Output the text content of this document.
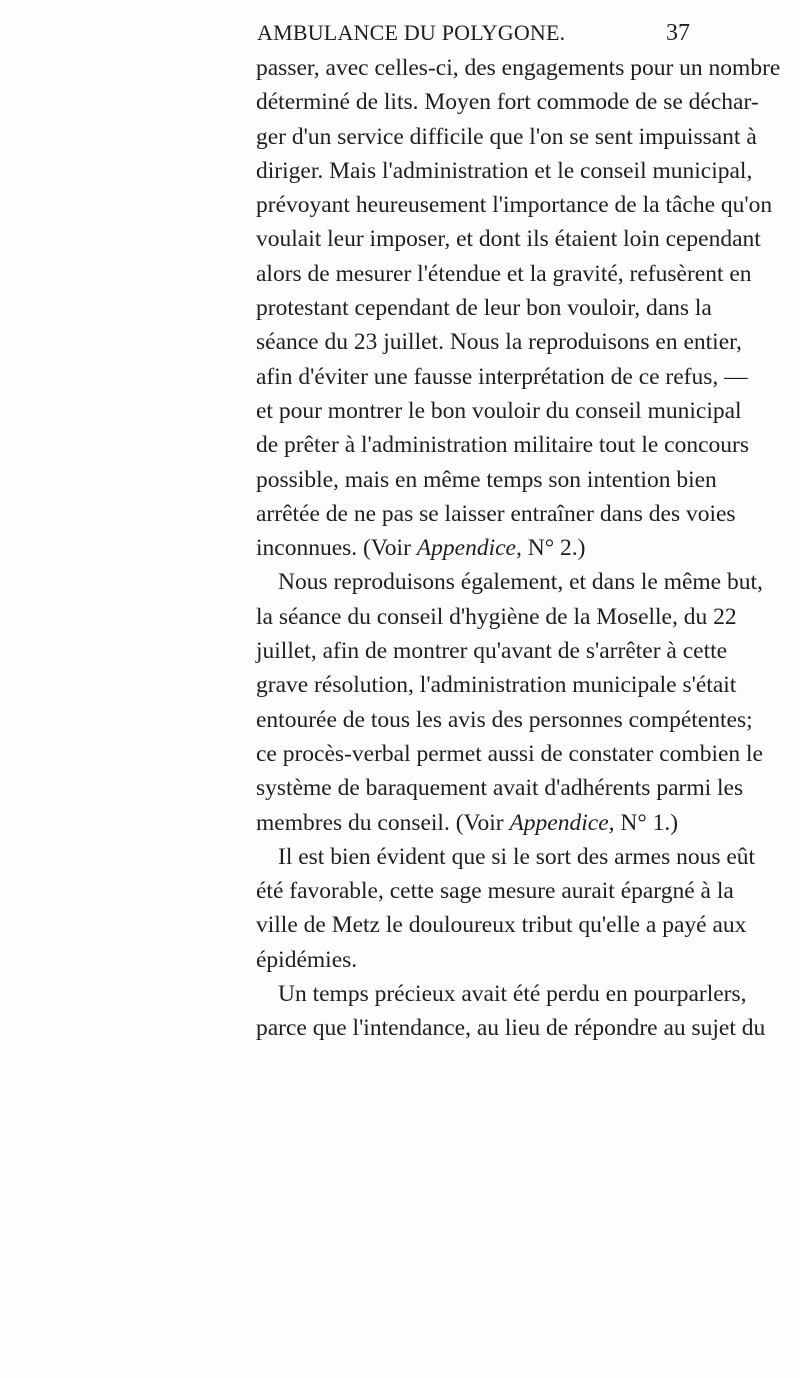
AMBULANCE DU POLYGONE.	37
passer, avec celles-ci, des engagements pour un nombre
déterminé de lits. Moyen fort commode de se déchar-
ger d'un service difficile que l'on se sent impuissant à
diriger. Mais l'administration et le conseil municipal,
prévoyant heureusement l'importance de la tâche qu'on
voulait leur imposer, et dont ils étaient loin cependant
alors de mesurer l'étendue et la gravité, refusèrent en
protestant cependant de leur bon vouloir, dans la
séance du 23 juillet. Nous la reproduisons en entier,
afin d'éviter une fausse interprétation de ce refus, —
et pour montrer le bon vouloir du conseil municipal
de prêter à l'administration militaire tout le concours
possible, mais en même temps son intention bien
arrêtée de ne pas se laisser entraîner dans des voies
inconnues. (Voir Appendice, N° 2.)
Nous reproduisons également, et dans le même but,
la séance du conseil d'hygiène de la Moselle, du 22
juillet, afin de montrer qu'avant de s'arrêter à cette
grave résolution, l'administration municipale s'était
entourée de tous les avis des personnes compétentes;
ce procès-verbal permet aussi de constater combien le
système de baraquement avait d'adhérents parmi les
membres du conseil. (Voir Appendice, N° 1.)
Il est bien évident que si le sort des armes nous eût
été favorable, cette sage mesure aurait épargné à la
ville de Metz le douloureux tribut qu'elle a payé aux
épidémies.
Un temps précieux avait été perdu en pourparlers,
parce que l'intendance, au lieu de répondre au sujet du
